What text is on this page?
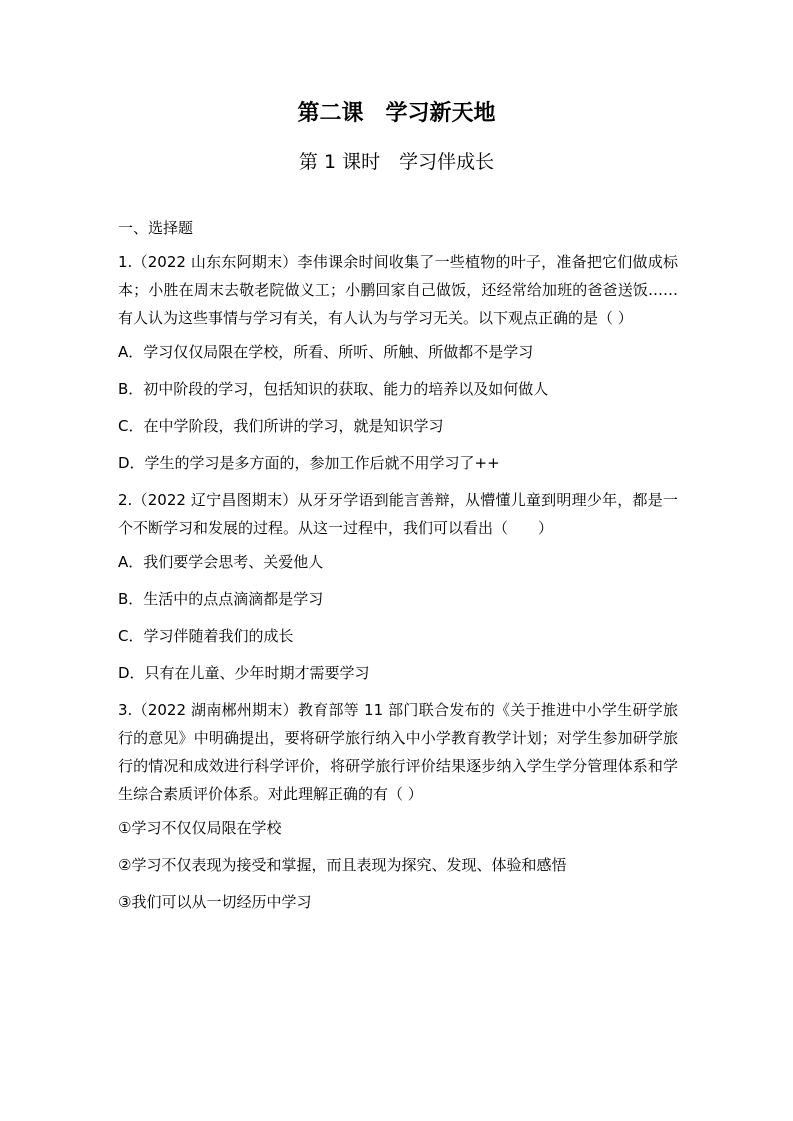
第二课　学习新天地
第 1 课时　学习伴成长
一、选择题
1.（2022 山东东阿期末）李伟课余时间收集了一些植物的叶子，准备把它们做成标本；小胜在周末去敬老院做义工；小鹏回家自己做饭，还经常给加班的爸爸送饭……有人认为这些事情与学习有关，有人认为与学习无关。以下观点正确的是（ ）
A．学习仅仅局限在学校，所看、所听、所触、所做都不是学习
B．初中阶段的学习，包括知识的获取、能力的培养以及如何做人
C．在中学阶段，我们所讲的学习，就是知识学习
D．学生的学习是多方面的，参加工作后就不用学习了++
2.（2022 辽宁昌图期末）从牙牙学语到能言善辩，从懵懂儿童到明理少年，都是一个不断学习和发展的过程。从这一过程中，我们可以看出（　　）
A．我们要学会思考、关爱他人
B．生活中的点点滴滴都是学习
C．学习伴随着我们的成长
D．只有在儿童、少年时期才需要学习
3.（2022 湖南郴州期末）教育部等 11 部门联合发布的《关于推进中小学生研学旅行的意见》中明确提出，要将研学旅行纳入中小学教育教学计划；对学生参加研学旅行的情况和成效进行科学评价，将研学旅行评价结果逐步纳入学生学分管理体系和学生综合素质评价体系。对此理解正确的有（ ）
①学习不仅仅局限在学校
②学习不仅表现为接受和掌握，而且表现为探究、发现、体验和感悟
③我们可以从一切经历中学习
